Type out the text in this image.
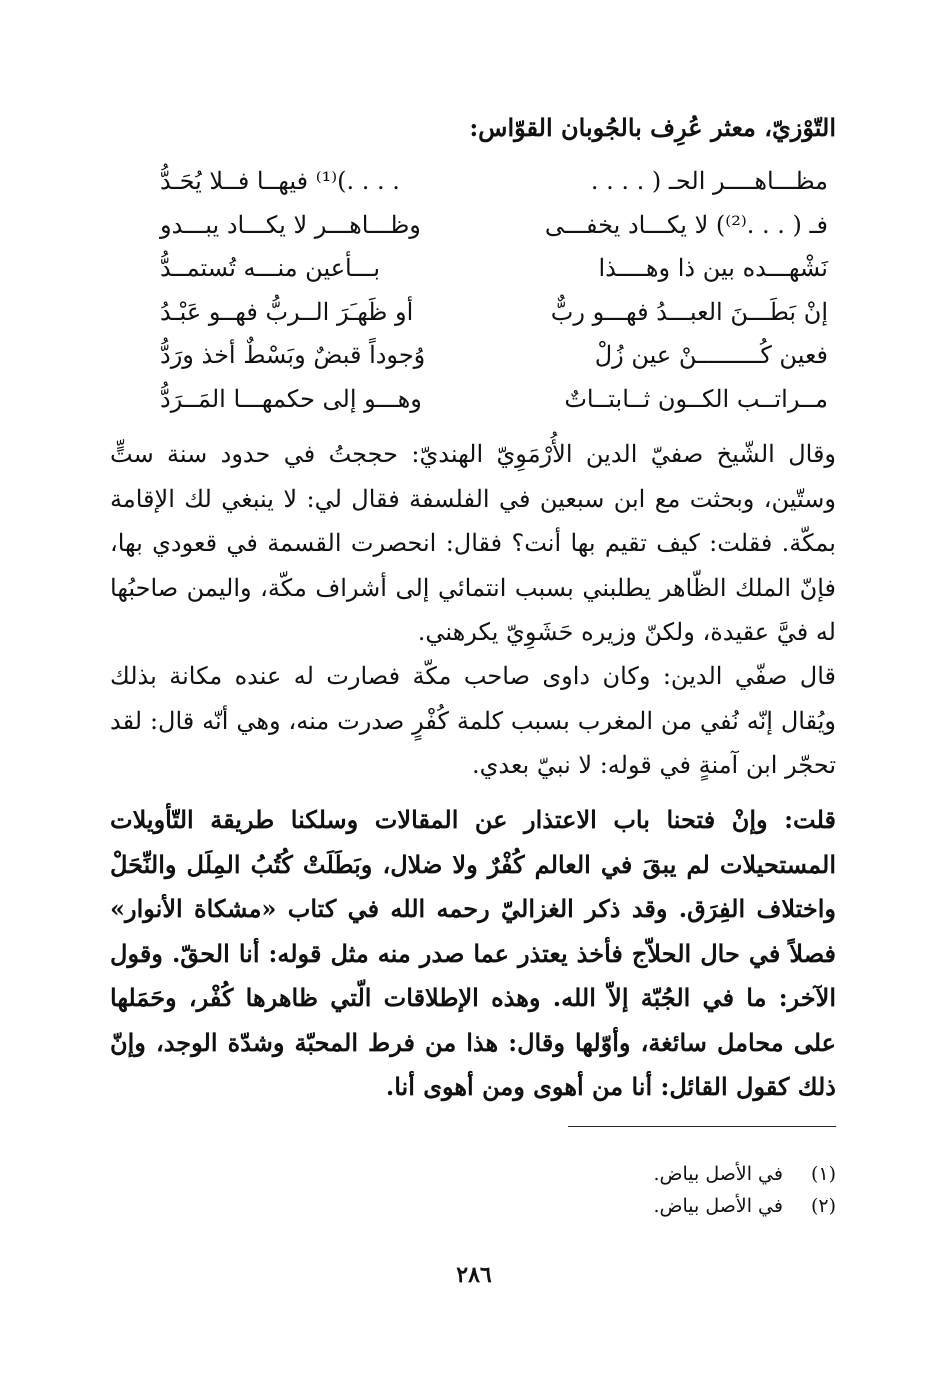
التّوْزيّ، معثر عُرِف بالجُوبان القوّاس:
مظـــاهــــر الحـ ( . . . .
. . . .)⁽¹⁾ فيهــا فــلا يُحَـدُّ
فـ ( . . .⁽²⁾) لا يكـــاد يخفـــى
وظـــاهـــر لا يكـــاد يبـــدو
نَشْهـــده بين ذا وهــــذا
بـــأعين منـــه تُستمــدُّ
إنْ بَطَـــنَ العبـــدُ فهـــو ربٌّ
أو ظَهـَرَ الــربُّ فهــو عَبْـدُ
فعين كُـــــــــنْ عين زُلْ
وُجوداً قبضٌ وبَسْطٌ أخذ ورَدُّ
مــراتــب الكــون ثــابتــاتٌ
وهـــو إلى حكمهـــا المَــرَدُّ

وقال الشّيخ صفيّ الدين الأُرْمَوِيّ الهنديّ: حججتُ في حدود سنة ستٍّ وستّين، وبحثت مع ابن سبعين في الفلسفة فقال لي: لا ينبغي لك الإقامة بمكّة. فقلت: كيف تقيم بها أنت؟ فقال: انحصرت القسمة في قعودي بها، فإنّ الملك الظّاهر يطلبني بسبب انتمائي إلى أشراف مكّة، واليمن صاحبُها له فيَّ عقيدة، ولكنّ وزيره حَشَوِيّ يكرهني.

قال صفّي الدين: وكان داوى صاحب مكّة فصارت له عنده مكانة بذلك ويُقال إنّه نُفي من المغرب بسبب كلمة كُفْرٍ صدرت منه، وهي أنّه قال: لقد تحجّر ابن آمنةٍ في قوله: لا نبيّ بعدي.

قلت: وإنْ فتحنا باب الاعتذار عن المقالات وسلكنا طريقة التّأويلات المستحيلات لم يبقَ في العالم كُفْرٌ ولا ضلال، وبَطَلَتْ كُتُبُ المِلَل والنِّحَلْ واختلاف الفِرَق. وقد ذكر الغزاليّ رحمه الله في كتاب «مشكاة الأنوار» فصلاً في حال الحلاّج فأخذ يعتذر عما صدر منه مثل قوله: أنا الحقّ. وقول الآخر: ما في الجُبّة إلاّ الله. وهذه الإطلاقات الّتي ظاهرها كُفْر، وحَمَلها على محامل سائغة، وأوّلها وقال: هذا من فرط المحبّة وشدّة الوجد، وإنّ ذلك كقول القائل: أنا من أهوى ومن أهوى أنا.

(١)
في الأصل بياض.
(٢)
في الأصل بياض.
٢٨٦
